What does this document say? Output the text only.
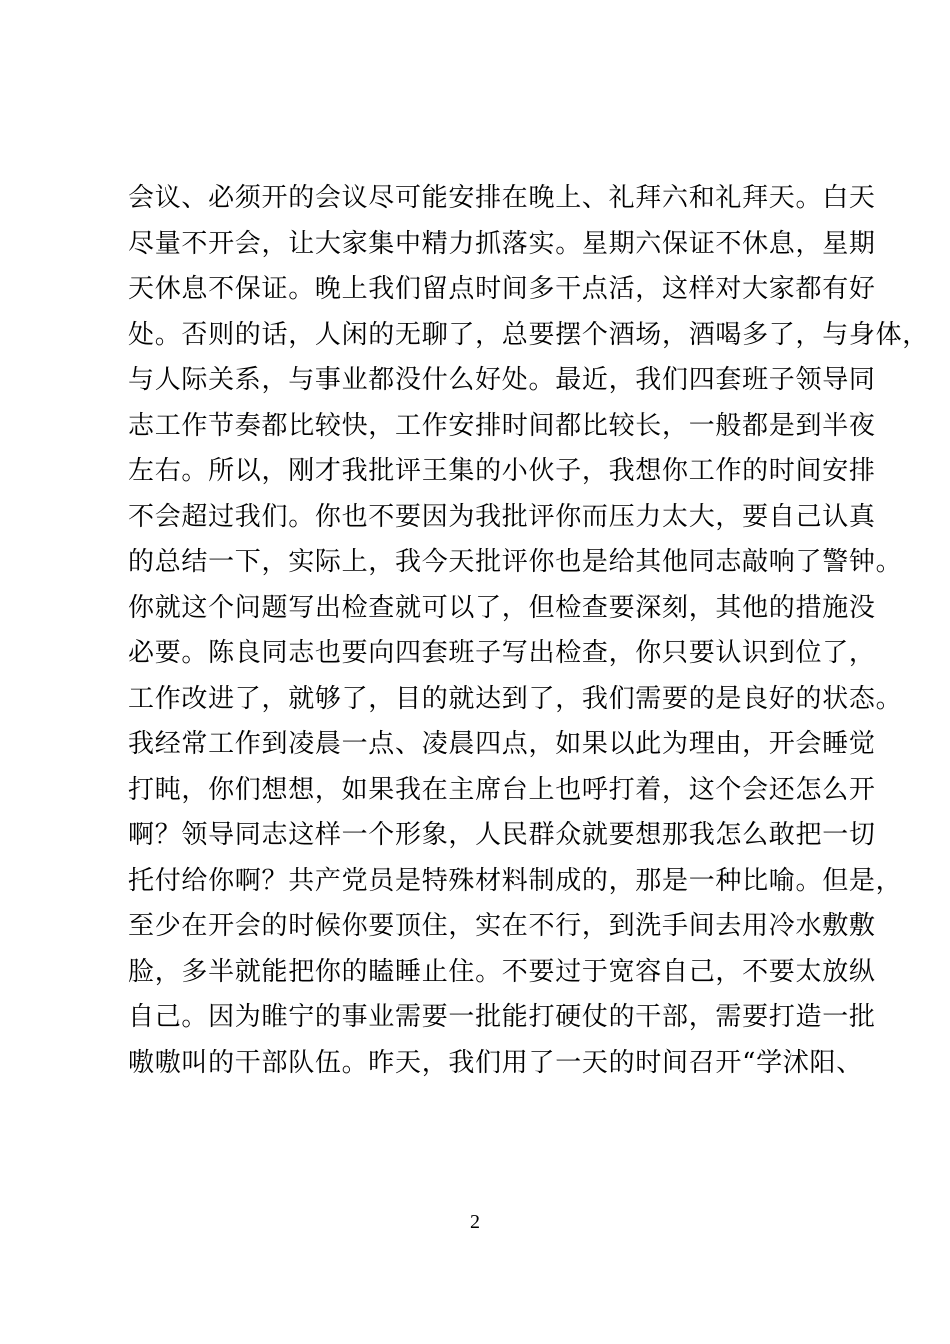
会议、必须开的会议尽可能安排在晚上、礼拜六和礼拜天。白天
尽量不开会，让大家集中精力抓落实。星期六保证不休息，星期
天休息不保证。晚上我们留点时间多干点活，这样对大家都有好
处。否则的话，人闲的无聊了，总要摆个酒场，酒喝多了，与身体，
与人际关系，与事业都没什么好处。最近，我们四套班子领导同
志工作节奏都比较快，工作安排时间都比较长，一般都是到半夜
左右。所以，刚才我批评王集的小伙子，我想你工作的时间安排
不会超过我们。你也不要因为我批评你而压力太大，要自己认真
的总结一下，实际上，我今天批评你也是给其他同志敲响了警钟。
你就这个问题写出检查就可以了，但检查要深刻，其他的措施没
必要。陈良同志也要向四套班子写出检查，你只要认识到位了，
工作改进了，就够了，目的就达到了，我们需要的是良好的状态。
我经常工作到凌晨一点、凌晨四点，如果以此为理由，开会睡觉
打盹，你们想想，如果我在主席台上也呼打着，这个会还怎么开
啊？领导同志这样一个形象，人民群众就要想那我怎么敢把一切
托付给你啊？共产党员是特殊材料制成的，那是一种比喻。但是，
至少在开会的时候你要顶住，实在不行，到洗手间去用冷水敷敷
脸，多半就能把你的瞌睡止住。不要过于宽容自己，不要太放纵
自己。因为睢宁的事业需要一批能打硬仗的干部，需要打造一批
嗷嗷叫的干部队伍。昨天，我们用了一天的时间召开“学沭阳、
2
